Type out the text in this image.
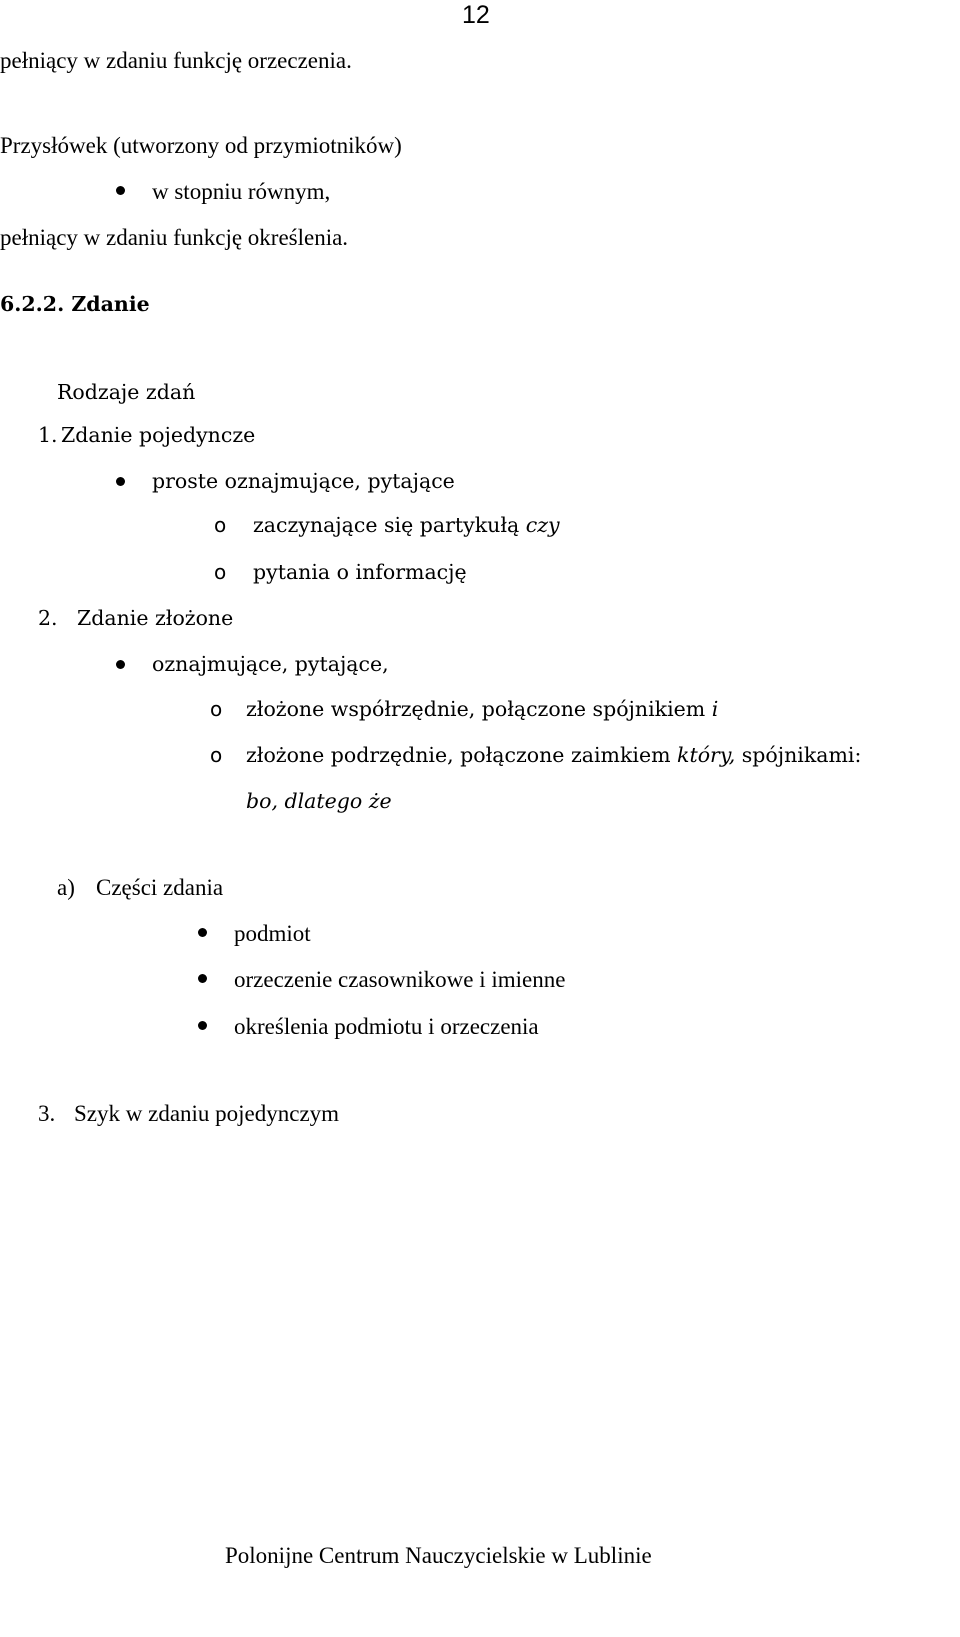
12

pełniący w zdaniu funkcję orzeczenia.

Przysłówek (utworzony od przymiotników)

w stopniu równym,

pełniący w zdaniu funkcję określenia.

6.2.2. Zdanie

Rodzaje zdań

1. Zdanie pojedyncze

proste oznajmujące, pytające

o zaczynające się partykułą czy

o pytania o informację

2. Zdanie złożone

oznajmujące, pytające,

o złożone współrzędnie, połączone spójnikiem i

o złożone podrzędnie, połączone zaimkiem który, spójnikami:

bo, dlatego że

a) Części zdania

podmiot

orzeczenie czasownikowe i imienne

określenia podmiotu i orzeczenia

3. Szyk w zdaniu pojedynczym

Polonijne Centrum Nauczycielskie w Lublinie
